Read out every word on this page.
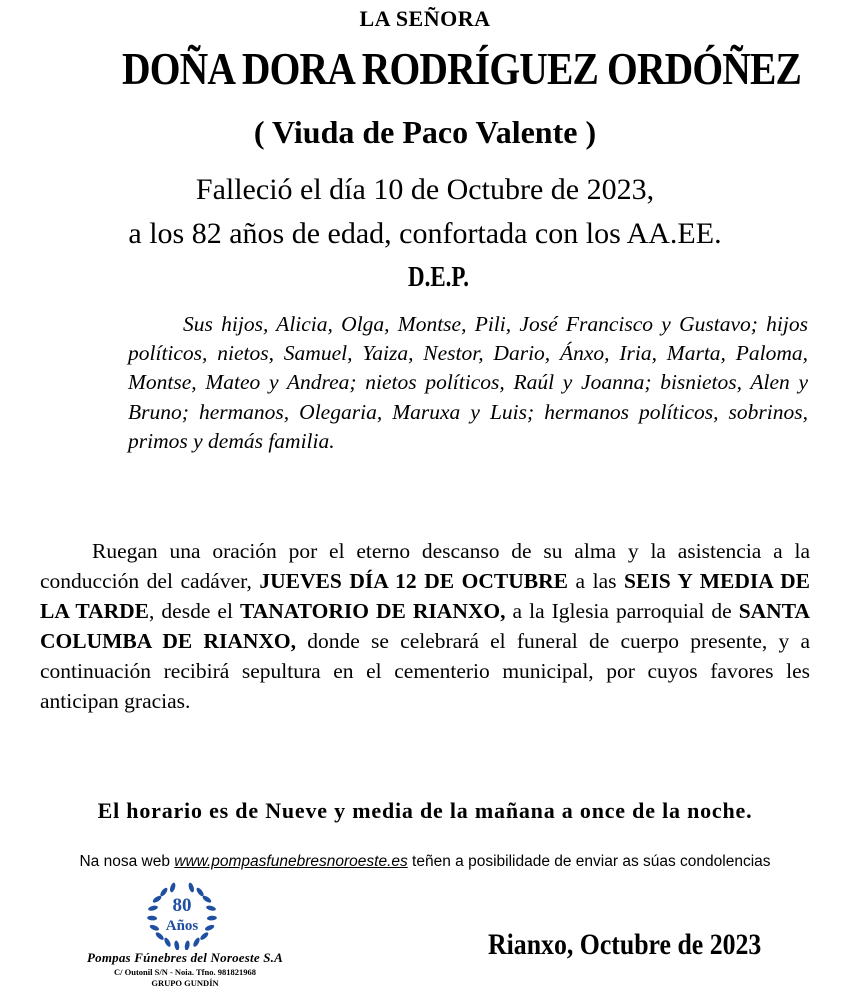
LA SEÑORA
DOÑA DORA RODRÍGUEZ ORDÓÑEZ
( Viuda de Paco Valente )
Falleció el día 10 de Octubre de 2023,
a los 82 años de edad, confortada con los AA.EE.
D.E.P.
Sus hijos, Alicia, Olga, Montse, Pili, José Francisco y Gustavo; hijos políticos, nietos, Samuel, Yaiza, Nestor, Dario, Ánxo, Iria, Marta, Paloma, Montse, Mateo y Andrea; nietos políticos, Raúl y Joanna; bisnietos, Alen y Bruno; hermanos, Olegaria, Maruxa y Luis; hermanos políticos, sobrinos, primos y demás familia.
Ruegan una oración por el eterno descanso de su alma y la asistencia a la conducción del cadáver, JUEVES DÍA 12 DE OCTUBRE a las SEIS Y MEDIA DE LA TARDE, desde el TANATORIO DE RIANXO, a la Iglesia parroquial de SANTA COLUMBA DE RIANXO, donde se celebrará el funeral de cuerpo presente, y a continuación recibirá sepultura en el cementerio municipal, por cuyos favores les anticipan gracias.
El horario es de Nueve y media de la mañana a once de la noche.
Na nosa web www.pompasfunebresnoroeste.es teñen a posibilidade de enviar as súas condolencias
80
Años
Pompas Fúnebres del Noroeste S.A
C/ Outonil S/N - Noia. Tfno. 981821968
GRUPO GUNDÍN
Rianxo, Octubre de 2023
